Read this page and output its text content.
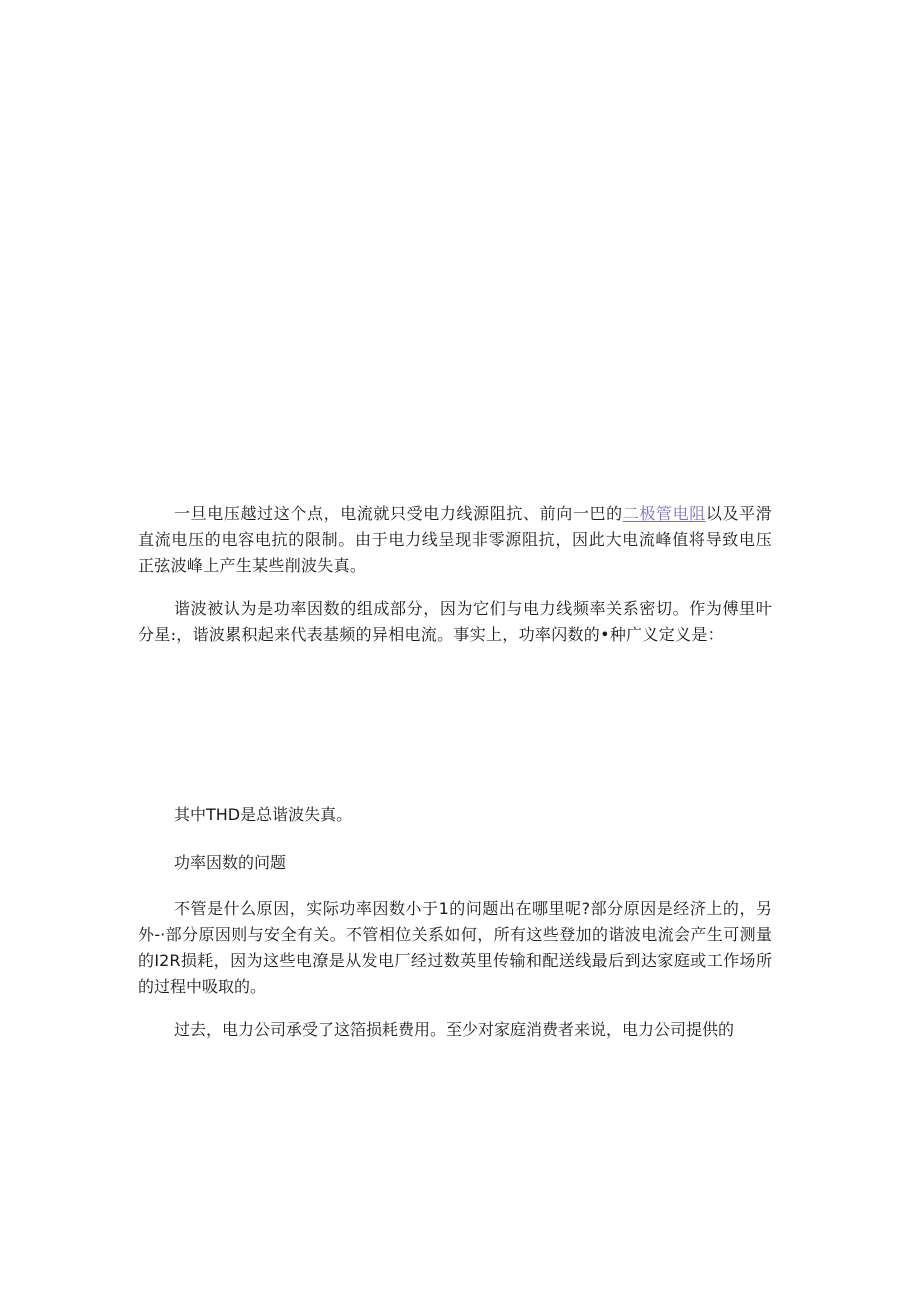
一旦电压越过这个点，电流就只受电力线源阻抗、前向一巴的二极管电阻以及平滑直流电压的电容电抗的限制。由于电力线呈现非零源阻抗，因此大电流峰值将导致电压正弦波峰上产生某些削波失真。

谐波被认为是功率因数的组成部分，因为它们与电力线频率关系密切。作为傅里叶分星:，谐波累积起来代表基频的异相电流。事实上，功率闪数的•种广义定义是：

其中THD是总谐波失真。

功率因数的问题

不管是什么原因，实际功率因数小于1的问题出在哪里呢?部分原因是经济上的，另外-·部分原因则与安全有关。不管相位关系如何，所有这些登加的谐波电流会产生可测量的I2R损耗，因为这些电潦是从发电厂经过数英里传输和配送线最后到达家庭或工作场所的过程中吸取的。

过去，电力公司承受了这箔损耗费用。至少对家庭消费者来说，电力公司提供的
